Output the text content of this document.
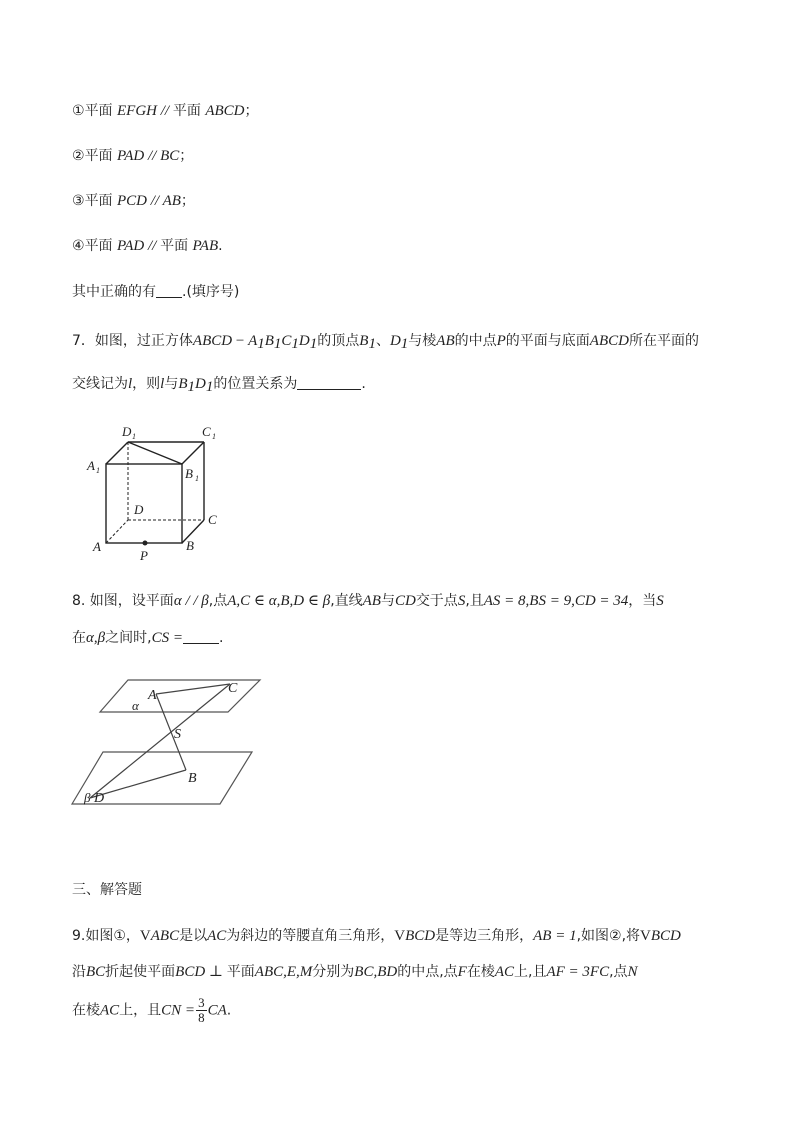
①平面 EFGH // 平面 ABCD；
②平面 PAD // BC；
③平面 PCD // AB；
④平面 PAD // 平面 PAB.
其中正确的有 .(填序号)
7．如图，过正方体ABCD − $A_1B_1C_1D_1$的顶点$B_1$、$D_1$与棱AB的中点P的平面与底面ABCD所在平面的
交线记为l，则l与$B_1D_1$的位置关系为	.
D 1	C 1
A 1	B 1
D
C
A	B
P
8. 如图，设平面α / / β,点A,C ∈ α,B,D ∈ β,直线AB与CD交于点S,且AS = 8,BS = 9,CD = 34，当S
在α,β之间时,CS =	.
α
A	C
S
B
β D
三、解答题
9.如图①，VABC是以AC为斜边的等腰直角三角形，VBCD是等边三角形，AB = 1,如图②,将VBCD
沿BC折起使平面BCD ⊥ 平面ABC,E,M分别为BC,BD的中点,点F在棱AC上,且AF = 3FC,点N
在棱AC上，且CN = $\frac{3}{8}$ CA.
